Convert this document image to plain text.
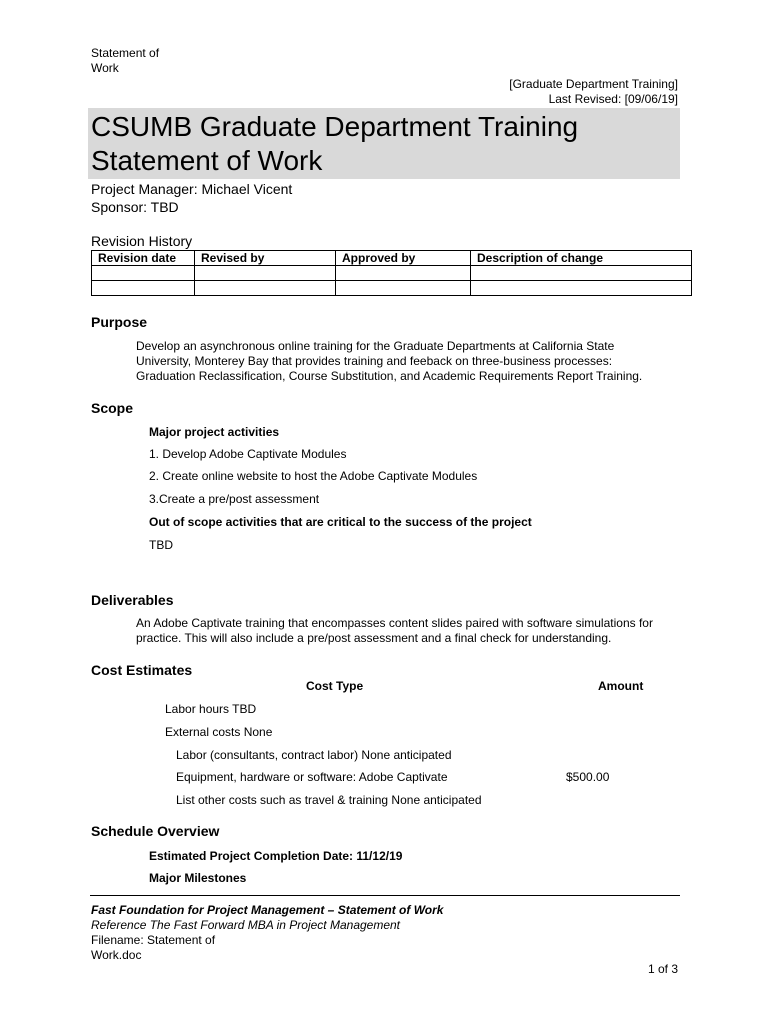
Statement of
Work
[Graduate Department Training]
Last Revised: [09/06/19]
CSUMB Graduate Department Training
Statement of Work
Project Manager: Michael Vicent
Sponsor: TBD
Revision History
Revision date	Revised by	Approved by	Description of change

Purpose
Develop an asynchronous online training for the Graduate Departments at California State
University, Monterey Bay that provides training and feeback on three-business processes:
Graduation Reclassification, Course Substitution, and Academic Requirements Report Training.
Scope
Major project activities
1. Develop Adobe Captivate Modules
2. Create online website to host the Adobe Captivate Modules
3.Create a pre/post assessment
Out of scope activities that are critical to the success of the project
TBD
Deliverables
An Adobe Captivate training that encompasses content slides paired with software simulations for
practice. This will also include a pre/post assessment and a final check for understanding.
Cost Estimates
Cost Type	Amount
Labor hours TBD
External costs None
Labor (consultants, contract labor) None anticipated
Equipment, hardware or software: Adobe Captivate	$500.00
List other costs such as travel & training None anticipated
Schedule Overview
Estimated Project Completion Date: 11/12/19
Major Milestones
Fast Foundation for Project Management – Statement of Work
Reference The Fast Forward MBA in Project Management
Filename: Statement of
Work.doc
1 of 3
